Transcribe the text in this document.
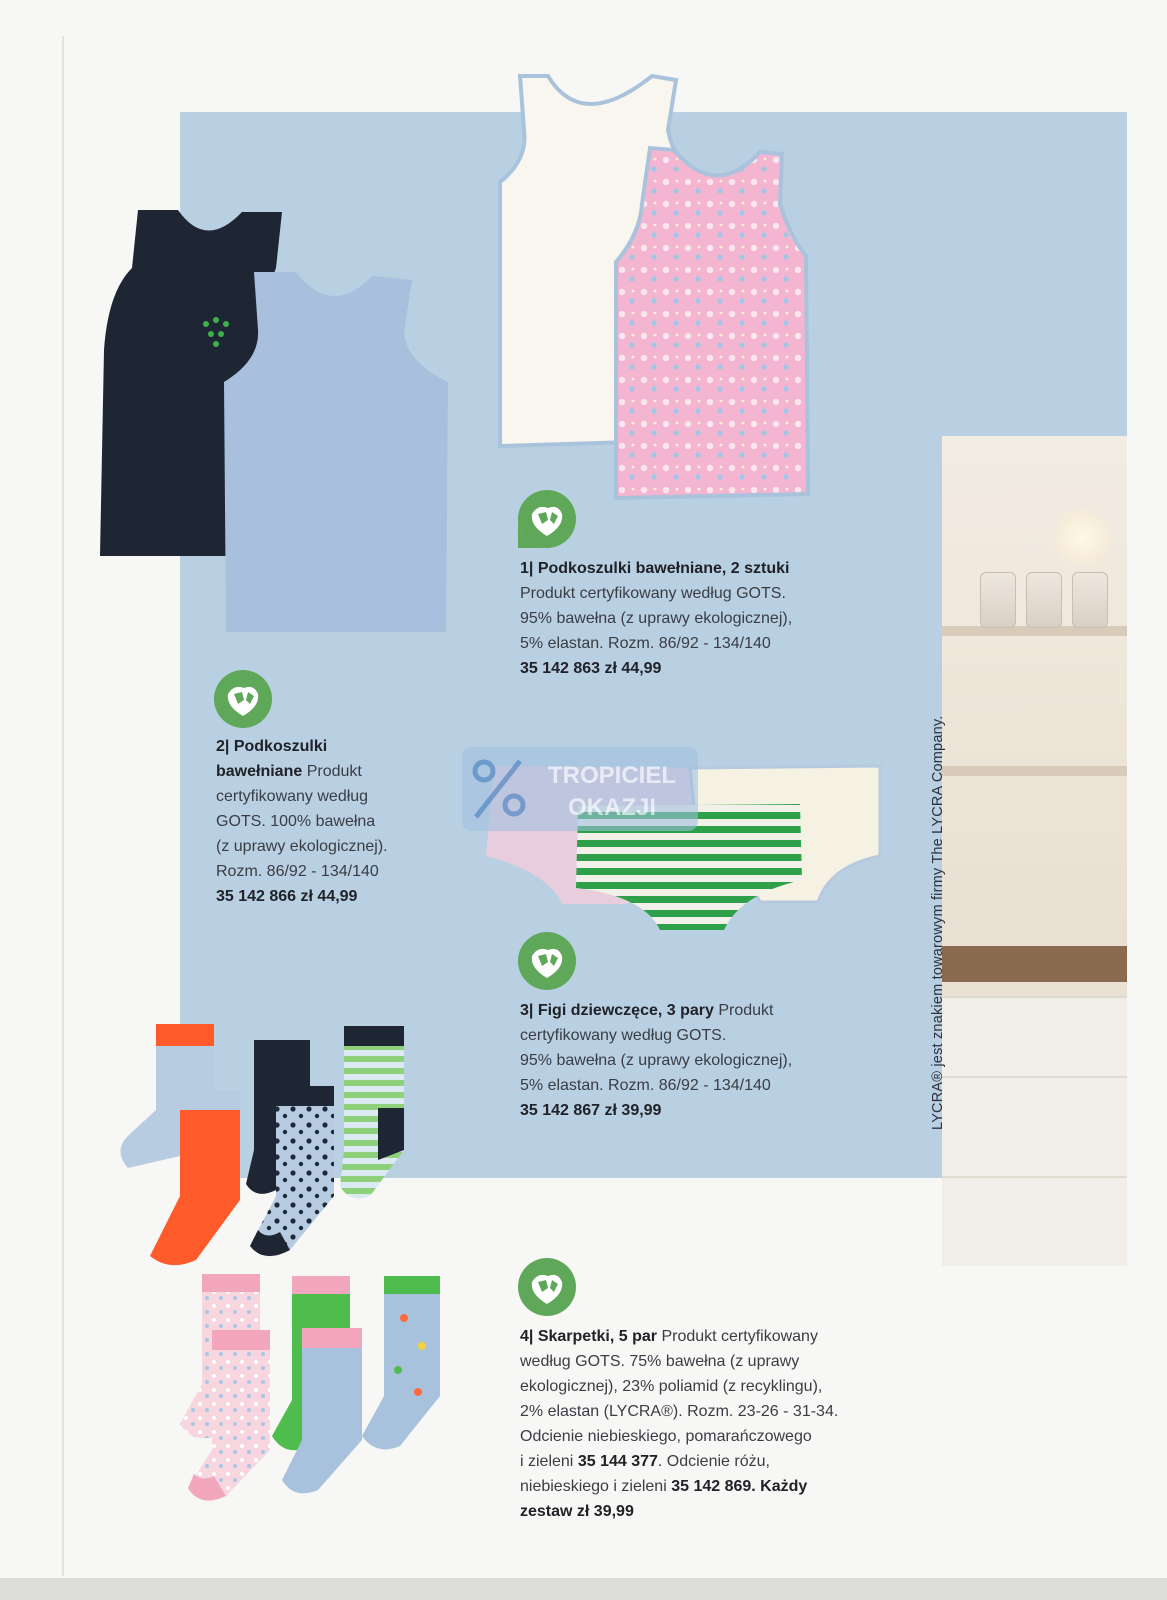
LYCRA® jest znakiem towarowym firmy The LYCRA Company.
TROPICIEL
OKAZJI
1| Podkoszulki bawełniane, 2 sztuki
Produkt certyfikowany według GOTS.
95% bawełna (z uprawy ekologicznej),
5% elastan. Rozm. 86/92 - 134/140
35 142 863 zł 44,99
2| Podkoszulki
bawełniane Produkt
certyfikowany według
GOTS. 100% bawełna
(z uprawy ekologicznej).
Rozm. 86/92 - 134/140
35 142 866 zł 44,99
3| Figi dziewczęce, 3 pary Produkt
certyfikowany według GOTS.
95% bawełna (z uprawy ekologicznej),
5% elastan. Rozm. 86/92 - 134/140
35 142 867 zł 39,99
4| Skarpetki, 5 par Produkt certyfikowany
według GOTS. 75% bawełna (z uprawy
ekologicznej), 23% poliamid (z recyklingu),
2% elastan (LYCRA®). Rozm. 23-26 - 31-34.
Odcienie niebieskiego, pomarańczowego
i zieleni 35 144 377. Odcienie różu,
niebieskiego i zieleni 35 142 869. Każdy
zestaw zł 39,99
